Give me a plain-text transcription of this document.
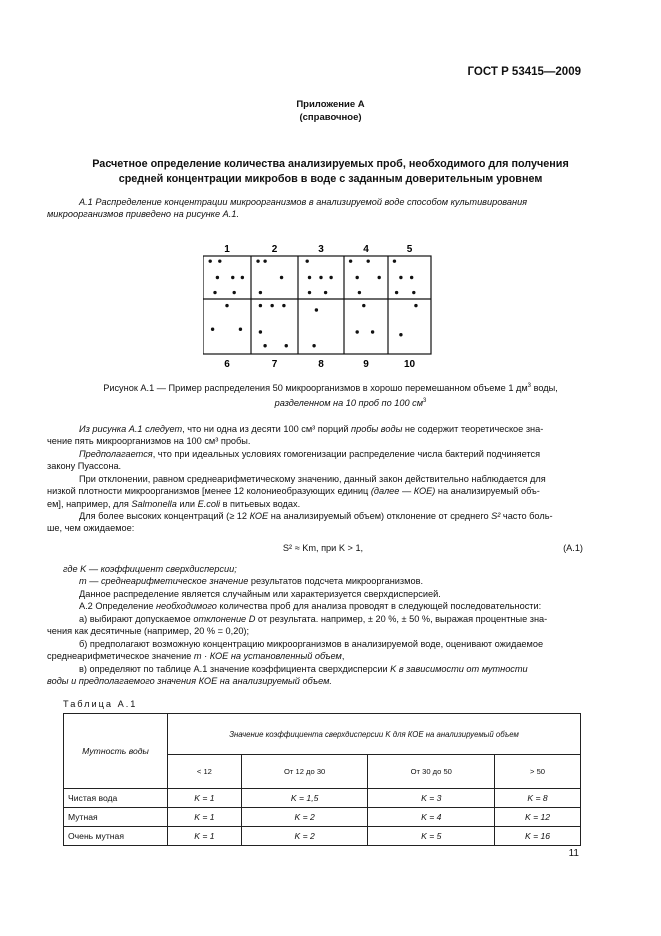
ГОСТ Р 53415—2009
Приложение А
(справочное)
Расчетное определение количества анализируемых проб, необходимого для получения
средней концентрации микробов в воде с заданным доверительным уровнем
А.1 Распределение концентрации микроорганизмов в анализируемой воде способом культивирования
микроорганизмов приведено на рисунке А.1.
1	2	3	4	5
6	7	8	9	10
Рисунок А.1 — Пример распределения 50 микроорганизмов в хорошо перемешанном объеме 1 $дм^3$ воды,
разделенном на 10 проб по 100 $см^3$
Из рисунка А.1 следует, что ни одна из десяти 100 см³ порций пробы воды не содержит теоретическое зна-
чение пять микроорганизмов на 100 см³ пробы.
Предполагается, что при идеальных условиях гомогенизации распределение числа бактерий подчиняется
закону Пуассона.
При отклонении, равном среднеарифметическому значению, данный закон действительно наблюдается для
низкой плотности микроорганизмов [менее 12 колониеобразующих единиц (далее — КОЕ) на анализируемый объ-
ем], например, для Salmonella или E.coli в питьевых водах.
Для более высоких концентраций (≥ 12 КОЕ на анализируемый объем) отклонение от среднего S² часто боль-
ше, чем ожидаемое:
S² ≈ Km, при K > 1,	(А.1)
где K — коэффициент сверхдисперсии;
m — среднеарифметическое значение результатов подсчета микроорганизмов.
Данное распределение является случайным или характеризуется сверхдисперсией.
А.2 Определение необходимого количества проб для анализа проводят в следующей последовательности:
а) выбирают допускаемое отклонение D от результата. например, ± 20 %, ± 50 %, выражая процентные зна-
чения как десятичные (например, 20 % = 0,20);
б) предполагают возможную концентрацию микроорганизмов в анализируемой воде, оценивают ожидаемое
среднеарифметическое значение m · КОЕ на установленный объем,
в) определяют по таблице А.1 значение коэффициента сверхдисперсии K в зависимости от мутности
воды и предполагаемого значения КОЕ на анализируемый объем.
Таблица А.1
Мутность воды	Значение коэффициента сверхдисперсии K для КОЕ на анализируемый объем			
	< 12	От 12 до 30	От 30 до 50	> 50
Чистая вода	K = 1	K = 1,5	K = 3	K = 8
Мутная	K = 1	K = 2	K = 4	K = 12
Очень мутная	K = 1	K = 2	K = 5	K = 16
11
